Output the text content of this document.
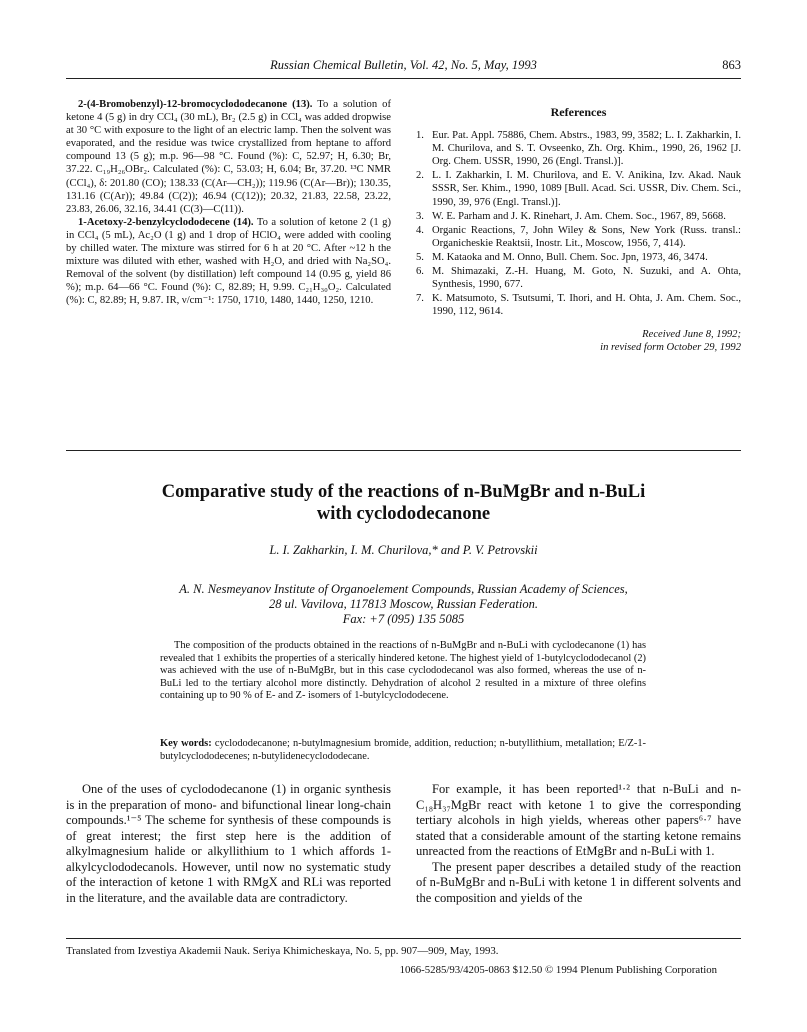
Russian Chemical Bulletin, Vol. 42, No. 5, May, 1993	863

2-(4-Bromobenzyl)-12-bromocyclododecanone (13). To a solution of ketone 4 (5 g) in dry CCl₄ (30 mL), Br₂ (2.5 g) in CCl₄ was added dropwise at 30 °C with exposure to the light of an electric lamp. Then the solvent was evaporated, and the residue was twice crystallized from heptane to afford compound 13 (5 g); m.p. 96—98 °C. Found (%): C, 52.97; H, 6.30; Br, 37.22. C₁₉H₂₆OBr₂. Calculated (%): C, 53.03; H, 6.04; Br, 37.20. ¹³C NMR (CCl₄), δ: 201.80 (CO); 138.33 (C(Ar—CH₂)); 119.96 (C(Ar—Br)); 130.35, 131.16 (C(Ar)); 49.84 (C(2)); 46.94 (C(12)); 20.32, 21.83, 22.58, 23.22, 23.83, 26.06, 32.16, 34.41 (C(3)—C(11)).

1-Acetoxy-2-benzylcyclododecene (14). To a solution of ketone 2 (1 g) in CCl₄ (5 mL), Ac₂O (1 g) and 1 drop of HClO₄ were added with cooling by chilled water. The mixture was stirred for 6 h at 20 °C. After ~12 h the mixture was diluted with ether, washed with H₂O, and dried with Na₂SO₄. Removal of the solvent (by distillation) left compound 14 (0.95 g, yield 86 %); m.p. 64—66 °C. Found (%): C, 82.89; H, 9.99. C₂₁H₃₀O₂. Calculated (%): C, 82.89; H, 9.87. IR, ν/cm⁻¹: 1750, 1710, 1480, 1440, 1250, 1210.

References
1. Eur. Pat. Appl. 75886, Chem. Abstrs., 1983, 99, 3582; L. I. Zakharkin, I. M. Churilova, and S. T. Ovseenko, Zh. Org. Khim., 1990, 26, 1962 [J. Org. Chem. USSR, 1990, 26 (Engl. Transl.)].
2. L. I. Zakharkin, I. M. Churilova, and E. V. Anikina, Izv. Akad. Nauk SSSR, Ser. Khim., 1990, 1089 [Bull. Acad. Sci. USSR, Div. Chem. Sci., 1990, 39, 976 (Engl. Transl.)].
3. W. E. Parham and J. K. Rinehart, J. Am. Chem. Soc., 1967, 89, 5668.
4. Organic Reactions, 7, John Wiley & Sons, New York (Russ. transl.: Organicheskie Reaktsii, Inostr. Lit., Moscow, 1956, 7, 414).
5. M. Kataoka and M. Onno, Bull. Chem. Soc. Jpn, 1973, 46, 3474.
6. M. Shimazaki, Z.-H. Huang, M. Goto, N. Suzuki, and A. Ohta, Synthesis, 1990, 677.
7. K. Matsumoto, S. Tsutsumi, T. Ihori, and H. Ohta, J. Am. Chem. Soc., 1990, 112, 9614.
Received June 8, 1992;
in revised form October 29, 1992
Comparative study of the reactions of n-BuMgBr and n-BuLi
with cyclododecanone
L. I. Zakharkin, I. M. Churilova,* and P. V. Petrovskii
A. N. Nesmeyanov Institute of Organoelement Compounds, Russian Academy of Sciences,
28 ul. Vavilova, 117813 Moscow, Russian Federation.
Fax: +7 (095) 135 5085

The composition of the products obtained in the reactions of n-BuMgBr and n-BuLi with cyclodecanone (1) has revealed that 1 exhibits the properties of a sterically hindered ketone. The highest yield of 1-butylcyclododecanol (2) was achieved with the use of n-BuMgBr, but in this case cyclododecanol was also formed, whereas the use of n-BuLi led to the tertiary alcohol more distinctly. Dehydration of alcohol 2 resulted in a mixture of three olefins containing up to 90 % of E- and Z- isomers of 1-butylcyclododecene.

Key words: cyclododecanone; n-butylmagnesium bromide, addition, reduction; n-butyllithium, metallation; E/Z-1-butylcyclododecenes; n-butylidenecyclododecane.

One of the uses of cyclododecanone (1) in organic synthesis is in the preparation of mono- and bifunctional linear long-chain compounds.¹⁻⁵ The scheme for synthesis of these compounds is of great interest; the first step here is the addition of alkylmagnesium halide or alkyllithium to 1 which affords 1-alkylcyclododecanols. However, until now no systematic study of the interaction of ketone 1 with RMgX and RLi was reported in the literature, and the available data are contradictory.

For example, it has been reported¹·² that n-BuLi and n-C₁₈H₃₇MgBr react with ketone 1 to give the corresponding tertiary alcohols in high yields, whereas other papers⁶·⁷ have stated that a considerable amount of the starting ketone remains unreacted from the reactions of EtMgBr and n-BuLi with 1.

The present paper describes a detailed study of the reaction of n-BuMgBr and n-BuLi with ketone 1 in different solvents and the composition and yields of the

Translated from Izvestiya Akademii Nauk. Seriya Khimicheskaya, No. 5, pp. 907—909, May, 1993.
1066-5285/93/4205-0863 $12.50 © 1994 Plenum Publishing Corporation
